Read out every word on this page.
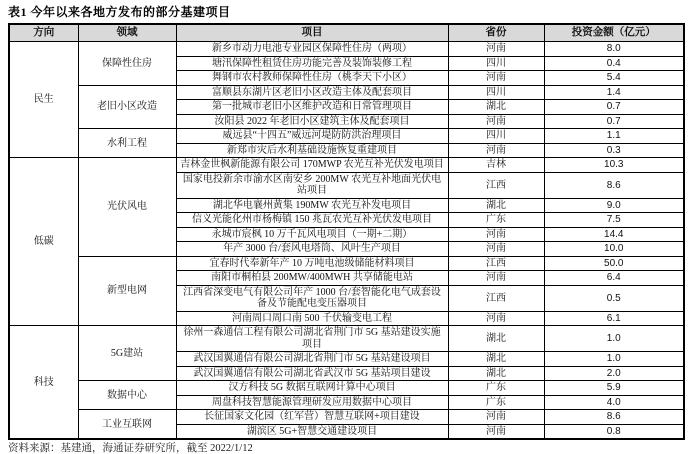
表1 今年以来各地方发布的部分基建项目
方向	领域	项目	省份	投资金额（亿元）
民生	保障性住房	新乡市动力电池专业园区保障性住房（两项）	河南	8.0
		塘汛保障性租赁住房功能完善及装饰装修工程	四川	0.4
		舞钢市农村教师保障性住房（桃李天下小区）	河南	5.4
	老旧小区改造	富顺县东湖片区老旧小区改造主体及配套项目	四川	1.4
		第一批城市老旧小区维护改造和日常管理项目	湖北	0.7
		汝阳县 2022 年老旧小区建筑主体及配套项目	河南	0.7
	水利工程	威远县“十四五”威远河堤防防洪治理项目	四川	1.1
		新郑市灾后水利基础设施恢复重建项目	河南	0.3
低碳	光伏风电	吉林金世枫新能源有限公司 170MWP 农光互补光伏发电项目	吉林	10.3
		国家电投新余市渝水区南安乡 200MW 农光互补地面光伏电站项目	江西	8.6
		湖北华电襄州黄集 190MW 农光互补发电项目	湖北	9.0
		信义光能化州市杨梅镇 150 兆瓦农光互补光伏发电项目	广东	7.5
		永城市宸枫 10 万千瓦风电项目（一期+二期）	河南	14.4
		年产 3000 台/套风电塔筒、风叶生产项目	河南	10.0
	新型电网	宜春时代奉新年产 10 万吨电池级储能材料项目	江西	50.0
		南阳市桐柏县 200MW/400MWH 共享储能电站	河南	6.4
		江西省深变电气有限公司年产 1000 台/套智能化电气成套设备及节能配电变压器项目	江西	0.5
		河南周口周口南 500 千伏输变电工程	河南	6.1
科技	5G建站	徐州一森通信工程有限公司湖北省荆门市 5G 基站建设实施项目	湖北	1.0
		武汉国翼通信有限公司湖北省荆门市 5G 基站建设项目	湖北	1.0
		武汉国翼通信有限公司湖北省武汉市 5G 基站项目建设	湖北	2.0
	数据中心	汉方科技 5G 数据互联网计算中心项目	广东	5.9
		周盘科技智慧能源管理研发应用数据中心项目	广东	4.0
	工业互联网	长征国家文化园（红军营）智慧互联网+项目建设	河南	8.6
		湖滨区 5G+智慧交通建设项目	河南	0.8
资料来源：基建通，海通证券研究所，截至 2022/1/12
